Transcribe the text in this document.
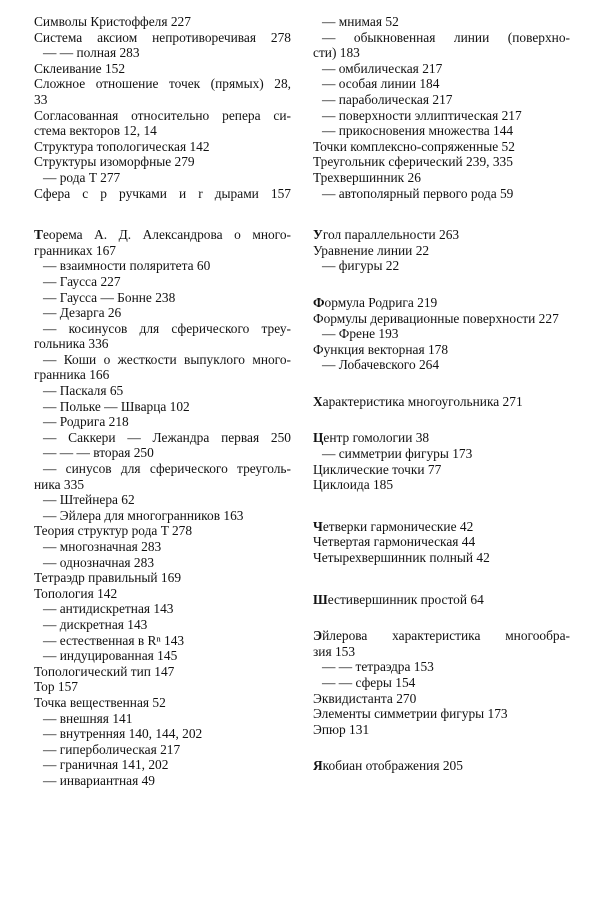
Символы Кристоффеля 227

Система аксиом непротиворечивая 278

— — полная 283

Склеивание 152

Сложное отношение точек (прямых) 28,

33

Согласованная относительно репера си-

стема векторов 12, 14

Структура топологическая 142

Структуры изоморфные 279

— рода T 277

Сфера с p ручками и r дырами 157

Теорема А. Д. Александрова о много-

гранниках 167

— взаимности поляритета 60

— Гаусса 227

— Гаусса — Бонне 238

— Дезарга 26

— косинусов для сферического треу-

гольника 336

— Коши о жесткости выпуклого много-

гранника 166

— Паскаля 65

— Польке — Шварца 102

— Родрига 218

— Саккери — Лежандра первая 250

— — — вторая 250

— синусов для сферического треуголь-

ника 335

— Штейнера 62

— Эйлера для многогранников 163

Теория структур рода T 278

— многозначная 283

— однозначная 283

Тетраэдр правильный 169

Топология 142

— антидискретная 143

— дискретная 143

— естественная в Rⁿ 143

— индуцированная 145

Топологический тип 147

Тор 157

Точка вещественная 52

— внешняя 141

— внутренняя 140, 144, 202

— гиперболическая 217

— граничная 141, 202

— инвариантная 49

— мнимая 52

— обыкновенная линии (поверхно-

сти) 183

— омбилическая 217

— особая линии 184

— параболическая 217

— поверхности эллиптическая 217

— прикосновения множества 144

Точки комплексно-сопряженные 52

Треугольник сферический 239, 335

Трехвершинник 26

— автополярный первого рода 59

Угол параллельности 263

Уравнение линии 22

— фигуры 22

Формула Родрига 219

Формулы деривационные поверхности 227

— Френе 193

Функция векторная 178

— Лобачевского 264

Характеристика многоугольника 271

Центр гомологии 38

— симметрии фигуры 173

Циклические точки 77

Циклоида 185

Четверки гармонические 42

Четвертая гармоническая 44

Четырехвершинник полный 42

Шестивершинник простой 64

Эйлерова характеристика многообра-

зия 153

— — тетраэдра 153

— — сферы 154

Эквидистанта 270

Элементы симметрии фигуры 173

Эпюр 131

Якобиан отображения 205
